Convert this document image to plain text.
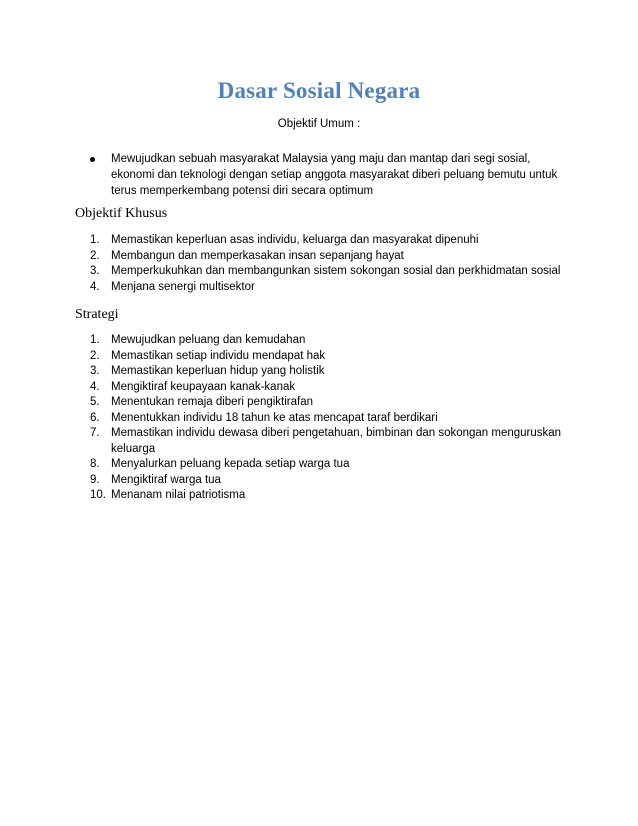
Dasar Sosial Negara
Objektif Umum :
Mewujudkan sebuah masyarakat Malaysia yang maju dan mantap dari segi sosial, ekonomi dan teknologi dengan setiap anggota masyarakat diberi peluang bemutu untuk terus memperkembang potensi diri secara optimum
Objektif Khusus
1. Memastikan keperluan asas individu, keluarga dan masyarakat dipenuhi
2. Membangun dan memperkasakan insan sepanjang hayat
3. Memperkukuhkan dan membangunkan sistem sokongan sosial dan perkhidmatan sosial
4. Menjana senergi multisektor
Strategi
1. Mewujudkan peluang dan kemudahan
2. Memastikan setiap individu mendapat hak
3. Memastikan keperluan hidup yang holistik
4. Mengiktiraf keupayaan kanak-kanak
5. Menentukan remaja diberi pengiktirafan
6. Menentukkan individu 18 tahun ke atas mencapat taraf berdikari
7. Memastikan individu dewasa diberi pengetahuan, bimbinan dan sokongan menguruskan keluarga
8. Menyalurkan peluang kepada setiap warga tua
9. Mengiktiraf warga tua
10. Menanam nilai patriotisma
